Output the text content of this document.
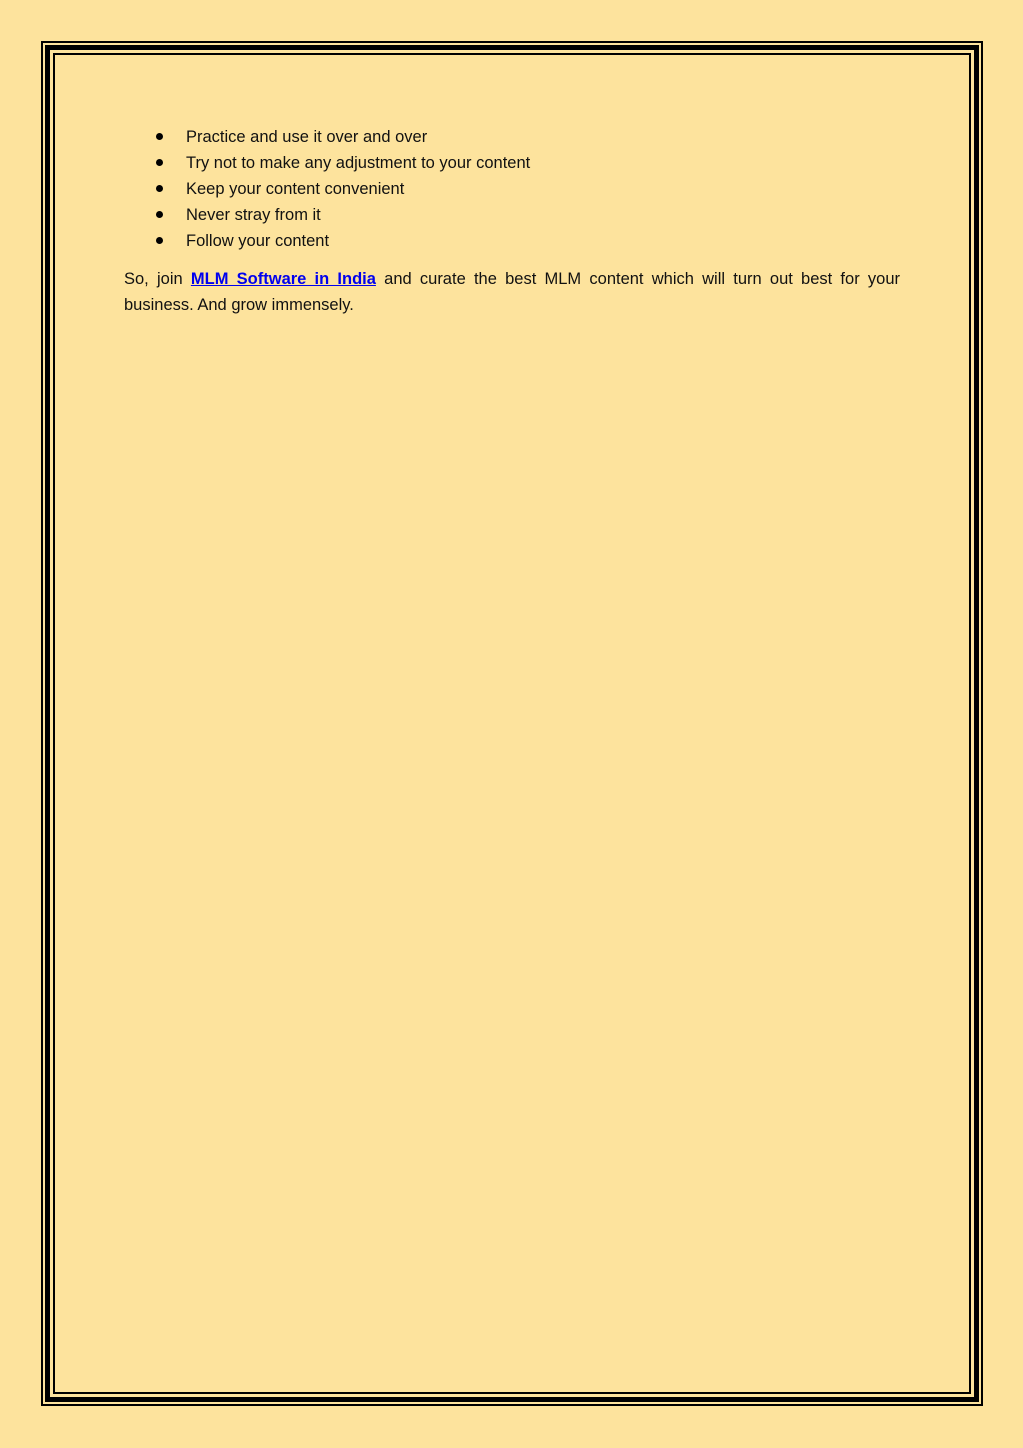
Practice and use it over and over
Try not to make any adjustment to your content
Keep your content convenient
Never stray from it
Follow your content

So, join MLM Software in India and curate the best MLM content which will turn out best for your business. And grow immensely.
